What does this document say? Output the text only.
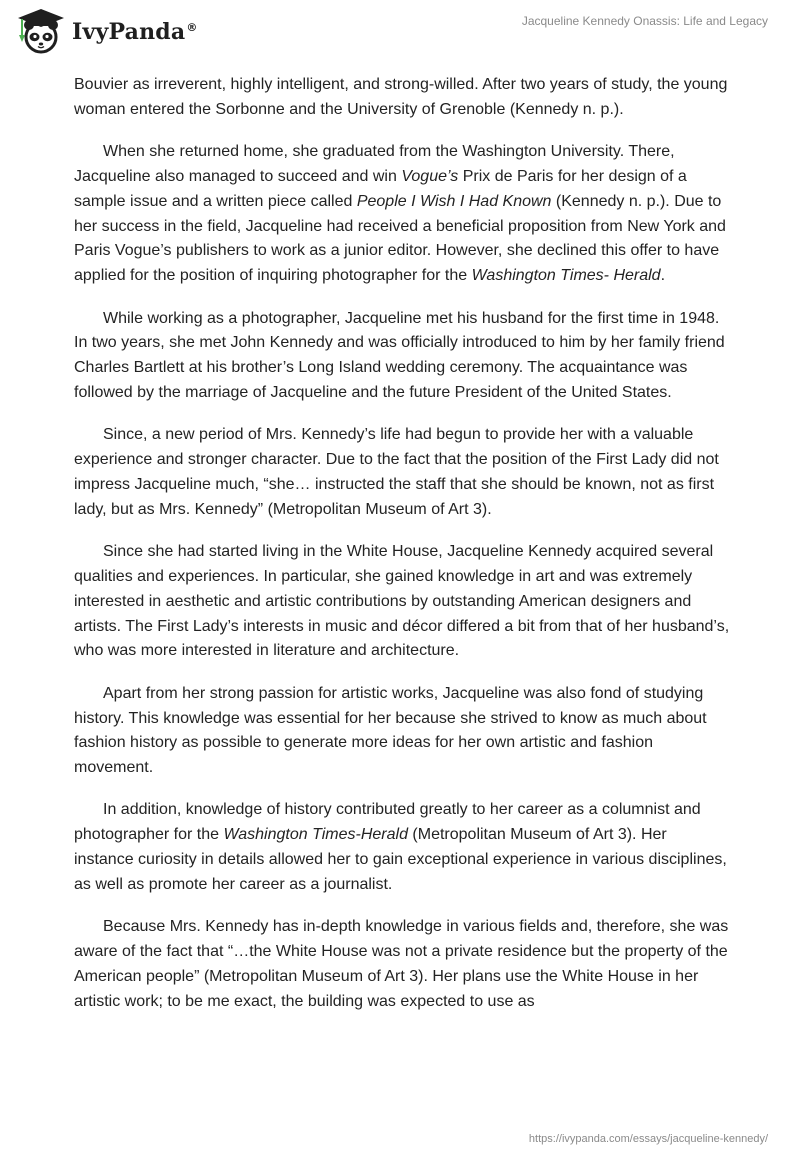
IvyPanda®	Jacqueline Kennedy Onassis: Life and Legacy

Bouvier as irreverent, highly intelligent, and strong-willed. After two years of study, the young woman entered the Sorbonne and the University of Grenoble (Kennedy n. p.).

When she returned home, she graduated from the Washington University. There, Jacqueline also managed to succeed and win Vogue’s Prix de Paris for her design of a sample issue and a written piece called People I Wish I Had Known (Kennedy n. p.). Due to her success in the field, Jacqueline had received a beneficial proposition from New York and Paris Vogue’s publishers to work as a junior editor. However, she declined this offer to have applied for the position of inquiring photographer for the Washington Times- Herald.

While working as a photographer, Jacqueline met his husband for the first time in 1948. In two years, she met John Kennedy and was officially introduced to him by her family friend Charles Bartlett at his brother’s Long Island wedding ceremony. The acquaintance was followed by the marriage of Jacqueline and the future President of the United States.

Since, a new period of Mrs. Kennedy’s life had begun to provide her with a valuable experience and stronger character. Due to the fact that the position of the First Lady did not impress Jacqueline much, “she… instructed the staff that she should be known, not as first lady, but as Mrs. Kennedy” (Metropolitan Museum of Art 3).

Since she had started living in the White House, Jacqueline Kennedy acquired several qualities and experiences. In particular, she gained knowledge in art and was extremely interested in aesthetic and artistic contributions by outstanding American designers and artists. The First Lady’s interests in music and décor differed a bit from that of her husband’s, who was more interested in literature and architecture.

Apart from her strong passion for artistic works, Jacqueline was also fond of studying history. This knowledge was essential for her because she strived to know as much about fashion history as possible to generate more ideas for her own artistic and fashion movement.

In addition, knowledge of history contributed greatly to her career as a columnist and photographer for the Washington Times-Herald (Metropolitan Museum of Art 3). Her instance curiosity in details allowed her to gain exceptional experience in various disciplines, as well as promote her career as a journalist.

Because Mrs. Kennedy has in-depth knowledge in various fields and, therefore, she was aware of the fact that “…the White House was not a private residence but the property of the American people” (Metropolitan Museum of Art 3). Her plans use the White House in her artistic work; to be me exact, the building was expected to use as

https://ivypanda.com/essays/jacqueline-kennedy/
